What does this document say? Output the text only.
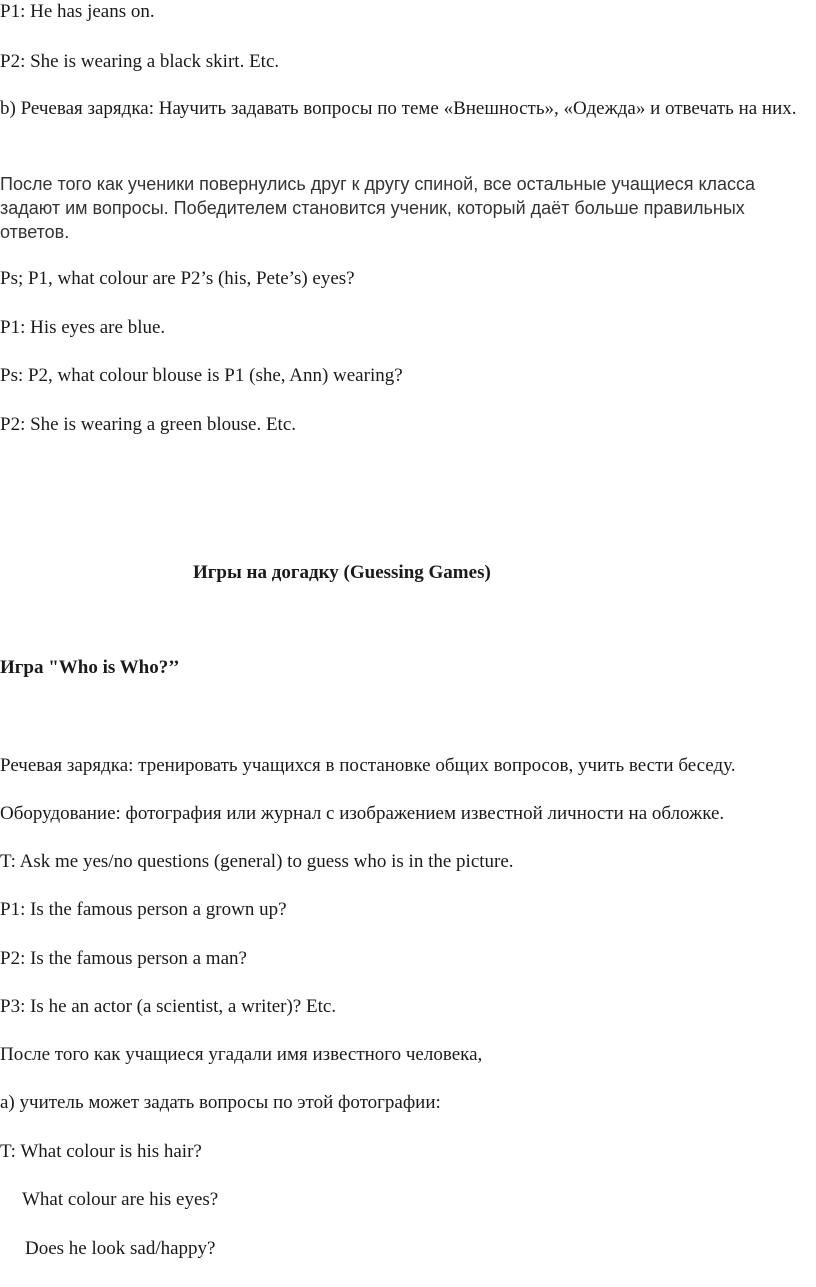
P1: He has jeans on.

P2: She is wearing a black skirt. Etc.

b) Речевая зарядка: Научить задавать вопросы по теме «Внешность», «Одежда» и отвечать на них.

После того как ученики повернулись друг к другу спиной, все остальные учащиеся класса задают им вопросы. Победителем становится ученик, который даёт больше правильных ответов.

Ps; P1, what colour are P2’s (his, Pete’s) eyes?

P1: His eyes are blue.

Ps: P2, what colour blouse is P1 (she, Ann) wearing?

P2: She is wearing a green blouse. Etc.

Игры на догадку (Guessing Games)

Игра "Who is Who?’’

Речевая зарядка: тренировать учащихся в постановке общих вопросов, учить вести беседу.

Оборудование: фотография или журнал с изображением известной личности на обложке.

T: Ask me yes/no questions (general) to guess who is in the picture.

P1: Is the famous person a grown up?

P2: Is the famous person a man?

P3: Is he an actor (a scientist, a writer)? Etc.

После того как учащиеся угадали имя известного человека,

а) учитель может задать вопросы по этой фотографии:

T: What colour is his hair?

What colour are his eyes?

Does he look sad/happy?
